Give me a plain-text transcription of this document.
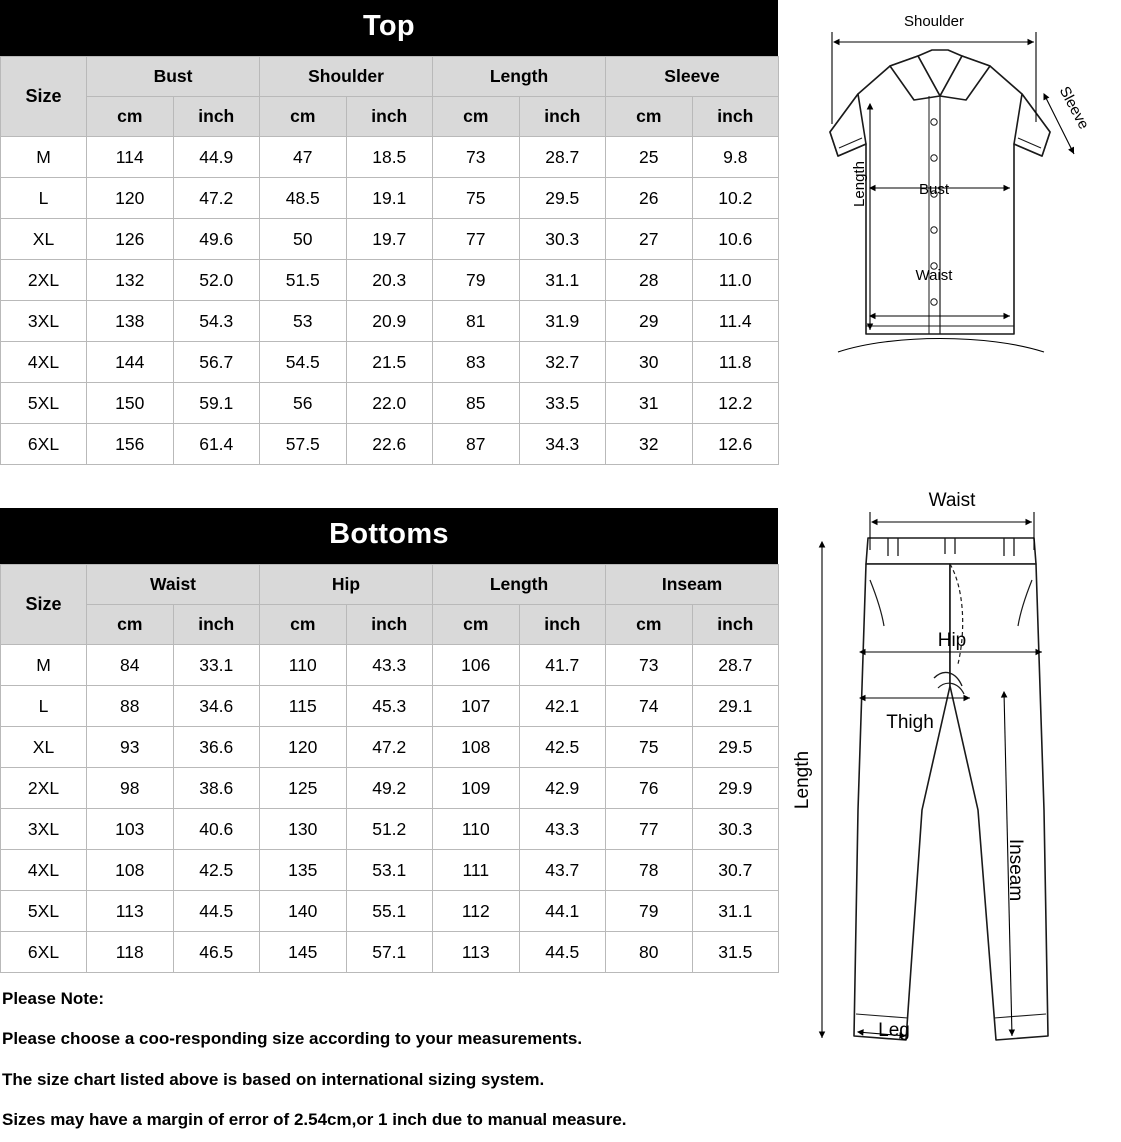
Top
Size	Bust		Shoulder		Length		Sleeve	
	cm	inch	cm	inch	cm	inch	cm	inch
M	114	44.9	47	18.5	73	28.7	25	9.8
L	120	47.2	48.5	19.1	75	29.5	26	10.2
XL	126	49.6	50	19.7	77	30.3	27	10.6
2XL	132	52.0	51.5	20.3	79	31.1	28	11.0
3XL	138	54.3	53	20.9	81	31.9	29	11.4
4XL	144	56.7	54.5	21.5	83	32.7	30	11.8
5XL	150	59.1	56	22.0	85	33.5	31	12.2
6XL	156	61.4	57.5	22.6	87	34.3	32	12.6
Bottoms
Size	Waist		Hip		Length		Inseam	
	cm	inch	cm	inch	cm	inch	cm	inch
M	84	33.1	110	43.3	106	41.7	73	28.7
L	88	34.6	115	45.3	107	42.1	74	29.1
XL	93	36.6	120	47.2	108	42.5	75	29.5
2XL	98	38.6	125	49.2	109	42.9	76	29.9
3XL	103	40.6	130	51.2	110	43.3	77	30.3
4XL	108	42.5	135	53.1	111	43.7	78	30.7
5XL	113	44.5	140	55.1	112	44.1	79	31.1
6XL	118	46.5	145	57.1	113	44.5	80	31.5

Please Note:

Please choose a coo-responding size according to your measurements.

The size chart listed above is based on international sizing system.

Sizes may have a margin of error of 2.54cm,or 1 inch due to manual measure.

Shoulder
Bust
Waist
Length
Sleeve
Waist
Hip
Thigh
Length
Inseam
Leg
